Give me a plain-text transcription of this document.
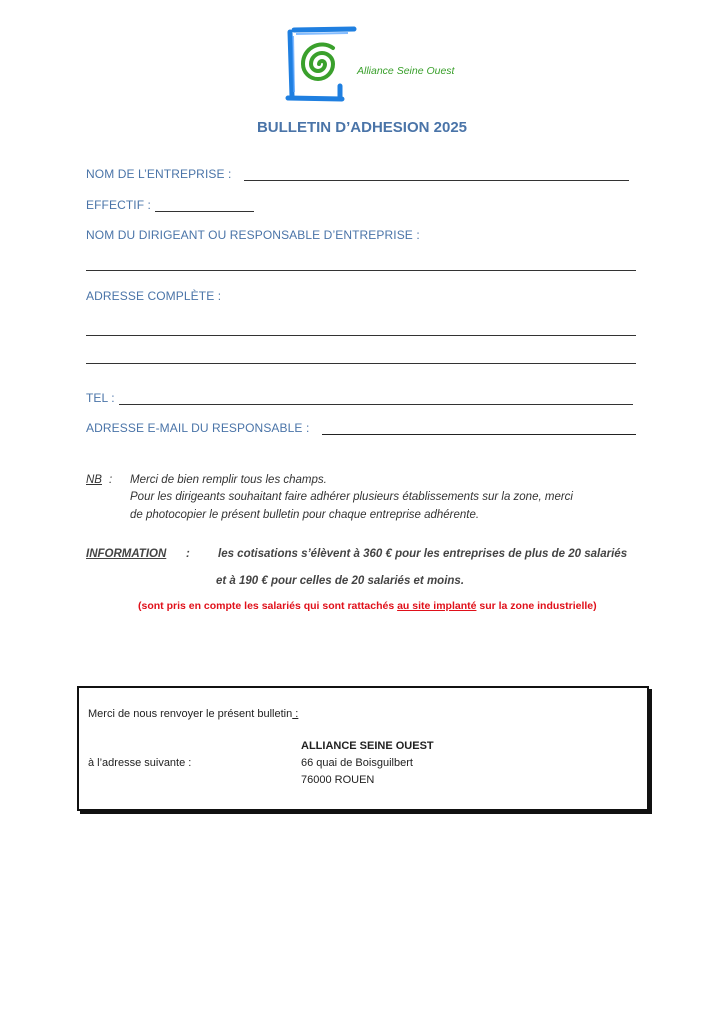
Alliance Seine Ouest
BULLETIN D’ADHESION 2025
NOM DE L’ENTREPRISE :
EFFECTIF :
NOM DU DIRIGEANT OU RESPONSABLE D’ENTREPRISE :
ADRESSE COMPLÈTE :
TEL :
ADRESSE E-MAIL DU RESPONSABLE :
NB : Merci de bien remplir tous les champs.
Pour les dirigeants souhaitant faire adhérer plusieurs établissements sur la zone, merci
de photocopier le présent bulletin pour chaque entreprise adhérente.
INFORMATION : les cotisations s’élèvent à 360 € pour les entreprises de plus de 20 salariés
et à 190 € pour celles de 20 salariés et moins.
(sont pris en compte les salariés qui sont rattachés au site implanté sur la zone industrielle)
Merci de nous renvoyer le présent bulletin :
ALLIANCE SEINE OUEST
à l’adresse suivante :	66 quai de Boisguilbert
76000 ROUEN
